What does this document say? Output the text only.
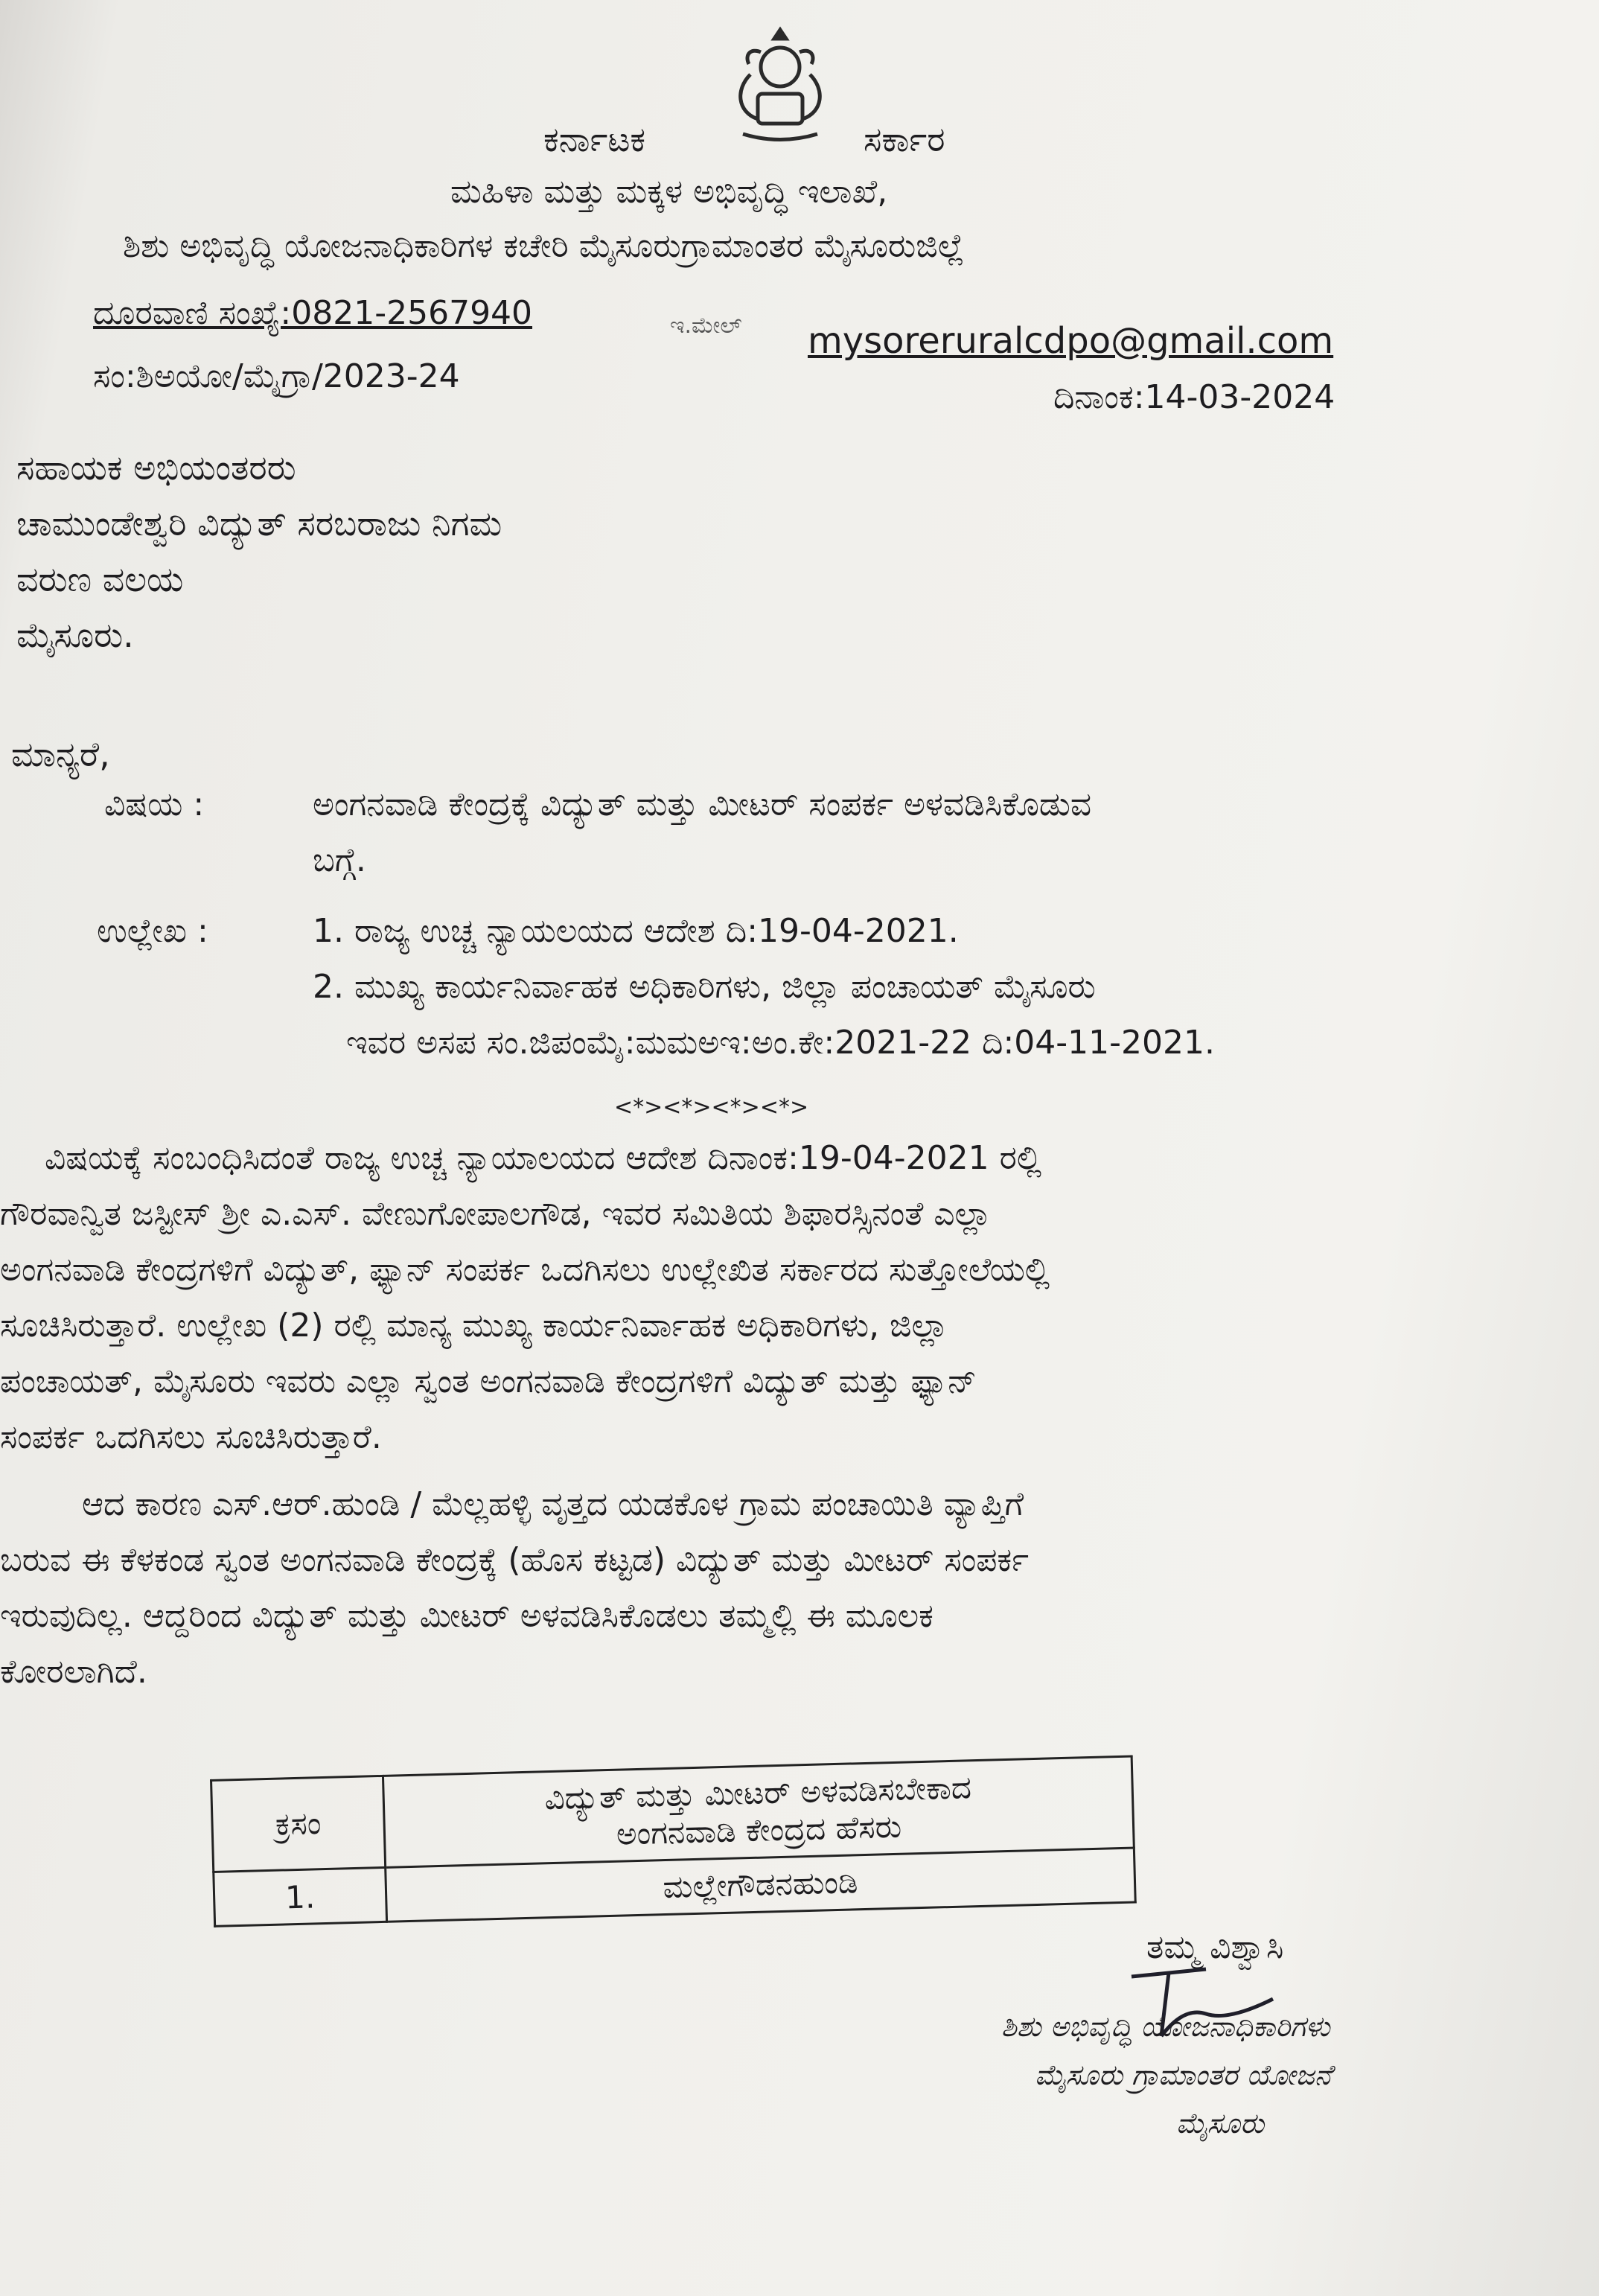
ಕರ್ನಾಟಕ	ಸರ್ಕಾರ
ಮಹಿಳಾ ಮತ್ತು ಮಕ್ಕಳ ಅಭಿವೃದ್ಧಿ ಇಲಾಖೆ,
ಶಿಶು ಅಭಿವೃದ್ಧಿ ಯೋಜನಾಧಿಕಾರಿಗಳ ಕಚೇರಿ ಮೈಸೂರುಗ್ರಾಮಾಂತರ ಮೈಸೂರುಜಿಲ್ಲೆ
ದೂರವಾಣಿ ಸಂಖ್ಯೆ:0821-2567940	ಇ.ಮೇಲ್ mysoreruralcdpo@gmail.com
ಸಂ:ಶಿಅಯೋ/ಮೈಗ್ರಾ/2023-24
ದಿನಾಂಕ:14-03-2024
ಸಹಾಯಕ ಅಭಿಯಂತರರು
ಚಾಮುಂಡೇಶ್ವರಿ ವಿದ್ಯುತ್ ಸರಬರಾಜು ನಿಗಮ
ವರುಣ ವಲಯ
ಮೈಸೂರು.
ಮಾನ್ಯರೆ,
ವಿಷಯ :	ಅಂಗನವಾಡಿ ಕೇಂದ್ರಕ್ಕೆ ವಿದ್ಯುತ್ ಮತ್ತು ಮೀಟರ್ ಸಂಪರ್ಕ ಅಳವಡಿಸಿಕೊಡುವ
ಬಗ್ಗೆ.
ಉಲ್ಲೇಖ :	1. ರಾಜ್ಯ ಉಚ್ಚ ನ್ಯಾಯಲಯದ ಆದೇಶ ದಿ:19-04-2021.
2. ಮುಖ್ಯ ಕಾರ್ಯನಿರ್ವಾಹಕ ಅಧಿಕಾರಿಗಳು, ಜಿಲ್ಲಾ ಪಂಚಾಯತ್ ಮೈಸೂರು
ಇವರ ಅಸಪ ಸಂ.ಜಿಪಂಮೈ:ಮಮಅಇ:ಅಂ.ಕೇ:2021-22 ದಿ:04-11-2021.
<*><*><*><*>
ವಿಷಯಕ್ಕೆ ಸಂಬಂಧಿಸಿದಂತೆ ರಾಜ್ಯ ಉಚ್ಚ ನ್ಯಾಯಾಲಯದ ಆದೇಶ ದಿನಾಂಕ:19-04-2021 ರಲ್ಲಿ
ಗೌರವಾನ್ವಿತ ಜಸ್ಟೀಸ್ ಶ್ರೀ ಎ.ಎಸ್. ವೇಣುಗೋಪಾಲಗೌಡ, ಇವರ ಸಮಿತಿಯ ಶಿಫಾರಸ್ಸಿನಂತೆ ಎಲ್ಲಾ
ಅಂಗನವಾಡಿ ಕೇಂದ್ರಗಳಿಗೆ ವಿದ್ಯುತ್, ಫ್ಯಾನ್ ಸಂಪರ್ಕ ಒದಗಿಸಲು ಉಲ್ಲೇಖಿತ ಸರ್ಕಾರದ ಸುತ್ತೋಲೆಯಲ್ಲಿ
ಸೂಚಿಸಿರುತ್ತಾರೆ. ಉಲ್ಲೇಖ (2) ರಲ್ಲಿ ಮಾನ್ಯ ಮುಖ್ಯ ಕಾರ್ಯನಿರ್ವಾಹಕ ಅಧಿಕಾರಿಗಳು, ಜಿಲ್ಲಾ
ಪಂಚಾಯತ್, ಮೈಸೂರು ಇವರು ಎಲ್ಲಾ ಸ್ವಂತ ಅಂಗನವಾಡಿ ಕೇಂದ್ರಗಳಿಗೆ ವಿದ್ಯುತ್ ಮತ್ತು ಫ್ಯಾನ್
ಸಂಪರ್ಕ ಒದಗಿಸಲು ಸೂಚಿಸಿರುತ್ತಾರೆ.
ಆದ ಕಾರಣ ಎಸ್.ಆರ್.ಹುಂಡಿ / ಮೆಲ್ಲಹಳ್ಳಿ ವೃತ್ತದ ಯಡಕೊಳ ಗ್ರಾಮ ಪಂಚಾಯಿತಿ ವ್ಯಾಪ್ತಿಗೆ
ಬರುವ ಈ ಕೆಳಕಂಡ ಸ್ವಂತ ಅಂಗನವಾಡಿ ಕೇಂದ್ರಕ್ಕೆ (ಹೊಸ ಕಟ್ಟಡ) ವಿದ್ಯುತ್ ಮತ್ತು ಮೀಟರ್ ಸಂಪರ್ಕ
ಇರುವುದಿಲ್ಲ. ಆದ್ದರಿಂದ ವಿದ್ಯುತ್ ಮತ್ತು ಮೀಟರ್ ಅಳವಡಿಸಿಕೊಡಲು ತಮ್ಮಲ್ಲಿ ಈ ಮೂಲಕ
ಕೋರಲಾಗಿದೆ.
ಕ್ರಸಂ	ವಿದ್ಯುತ್ ಮತ್ತು ಮೀಟರ್ ಅಳವಡಿಸಬೇಕಾದ
ಅಂಗನವಾಡಿ ಕೇಂದ್ರದ ಹೆಸರು

1.	ಮಲ್ಲೇಗೌಡನಹುಂಡಿ
ತಮ್ಮ ವಿಶ್ವಾಸಿ
ಶಿಶು ಅಭಿವೃದ್ಧಿ ಯೋಜನಾಧಿಕಾರಿಗಳು
ಮೈಸೂರು ಗ್ರಾಮಾಂತರ ಯೋಜನೆ
ಮೈಸೂರು
